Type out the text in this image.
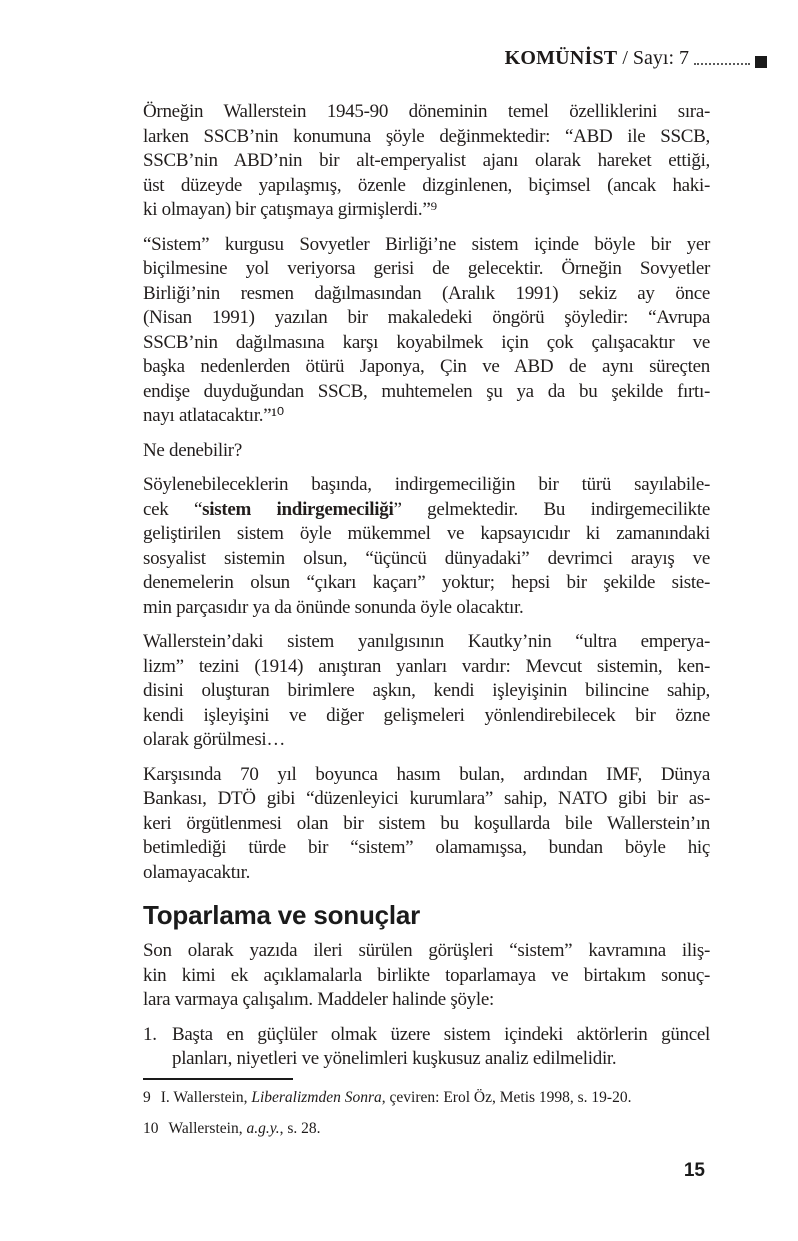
KOMÜNİST / Sayı: 7
Örneğin Wallerstein 1945-90 döneminin temel özelliklerini sıra-
larken SSCB’nin konumuna şöyle değinmektedir: “ABD ile SSCB,
SSCB’nin ABD’nin bir alt-emperyalist ajanı olarak hareket ettiği,
üst düzeyde yapılaşmış, özenle dizginlenen, biçimsel (ancak haki-
ki olmayan) bir çatışmaya girmişlerdi.”⁹
“Sistem” kurgusu Sovyetler Birliği’ne sistem içinde böyle bir yer
biçilmesine yol veriyorsa gerisi de gelecektir. Örneğin Sovyetler
Birliği’nin resmen dağılmasından (Aralık 1991) sekiz ay önce
(Nisan 1991) yazılan bir makaledeki öngörü şöyledir: “Avrupa
SSCB’nin dağılmasına karşı koyabilmek için çok çalışacaktır ve
başka nedenlerden ötürü Japonya, Çin ve ABD de aynı süreçten
endişe duyduğundan SSCB, muhtemelen şu ya da bu şekilde fırtı-
nayı atlatacaktır.”¹⁰
Ne denebilir?
Söylenebileceklerin başında, indirgemeciliğin bir türü sayılabile-
cek “sistem indirgemeciliği” gelmektedir. Bu indirgemecilikte
geliştirilen sistem öyle mükemmel ve kapsayıcıdır ki zamanındaki
sosyalist sistemin olsun, “üçüncü dünyadaki” devrimci arayış ve
denemelerin olsun “çıkarı kaçarı” yoktur; hepsi bir şekilde siste-
min parçasıdır ya da önünde sonunda öyle olacaktır.
Wallerstein’daki sistem yanılgısının Kautky’nin “ultra emperya-
lizm” tezini (1914) anıştıran yanları vardır: Mevcut sistemin, ken-
disini oluşturan birimlere aşkın, kendi işleyişinin bilincine sahip,
kendi işleyişini ve diğer gelişmeleri yönlendirebilecek bir özne
olarak görülmesi…
Karşısında 70 yıl boyunca hasım bulan, ardından IMF, Dünya
Bankası, DTÖ gibi “düzenleyici kurumlara” sahip, NATO gibi bir as-
keri örgütlenmesi olan bir sistem bu koşullarda bile Wallerstein’ın
betimlediği türde bir “sistem” olamamışsa, bundan böyle hiç
olamayacaktır.
Toparlama ve sonuçlar
Son olarak yazıda ileri sürülen görüşleri “sistem” kavramına iliş-
kin kimi ek açıklamalarla birlikte toparlamaya ve birtakım sonuç-
lara varmaya çalışalım. Maddeler halinde şöyle:
1. Başta en güçlüler olmak üzere sistem içindeki aktörlerin güncel
planları, niyetleri ve yönelimleri kuşkusuz analiz edilmelidir.
9 I. Wallerstein, Liberalizmden Sonra, çeviren: Erol Öz, Metis 1998, s. 19-20.
10 Wallerstein, a.g.y., s. 28.
15
